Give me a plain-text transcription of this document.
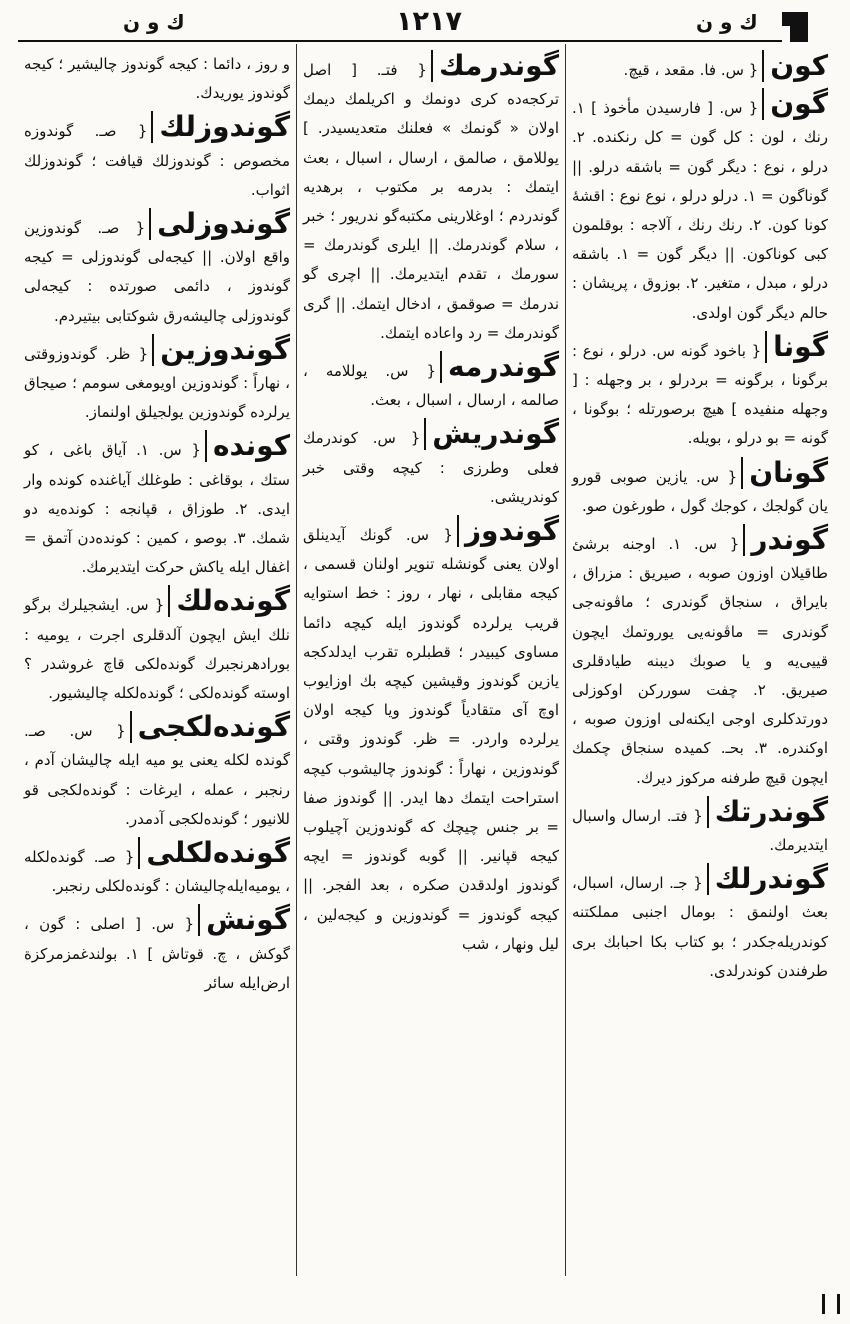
ك و ن	١٢١٧	ك و ن

كون{ س. فا. مقعد ، قيچ.

گون{ س. [ فارسيدن مأخوذ ] ١. رنك ، لون : كل گون = كل رنكنده. ٢. درلو ، نوع : ديگر گون = باشقه درلو. || گوناگون = ١. درلو درلو ، نوع نوع : اقشهٔ كونا كون. ٢. رنك رنك ، آلاجه : بوقلمون كبى كوناكون. || ديگر گون = ١. باشقه درلو ، مبدل ، متغير. ٢. بوزوق ، پريشان : حالم ديگر گون اولدى.

گونا{ باخود گونه س. درلو ، نوع : برگونا ، برگونه = بردرلو ، بر وجهله : [ وجهله منفيده ] هيچ برصورتله ؛ بوگونا ، گونه = بو درلو ، بويله.

گونان{ س. يازين صوبى قورو يان گولجك ، كوجك گول ، طورغون صو.

گوندر{ س. ١. اوجنه برشئ طاقيلان اوزون صوبه ، صيريق : مزراق ، بايراق ، سنجاق گوندرى ؛ ماڤونه‌جى گوندرى = ماڤونه‌يى يوروتمك ايچون قييى‌يه و يا صوبك ديبنه طيادقلرى صيريق. ٢. چفت سورركن اوكوزلى دورتدكلرى اوجى ايكنه‌لى اوزون صوبه ، اوكندره. ٣. بحـ. كميده سنجاق چكمك ايچون قيچ طرفنه مركوز ديرك.

گوندرتك{ فتـ. ارسال واسبال ايتديرمك.

گوندرلك{ جـ. ارسال، اسبال، بعث اولنمق : بومال اجنبى مملكتنه كوندريله‌جكدر ؛ بو كتاب بكا احبابك برى طرفندن كوندرلدى.

گوندرمك{ فتـ. [ اصل تركجه‌ده كرى دونمك و اكريلمك ديمك اولان « گونمك » فعلنك متعديسيدر. ] يوللامق ، صالمق ، ارسال ، اسبال ، بعث ايتمك : بدرمه بر مكتوب ، برهديه گوندردم ؛ اوغلارينى مكتبه‌گو ندريور ؛ خبر ، سلام گوندرمك. || ايلرى گوندرمك = سورمك ، تقدم ايتديرمك. || اچرى گو ندرمك = صوقمق ، ادخال ايتمك. || گرى گوندرمك = رد واعاده ايتمك.

گوندرمه{ س. يوللامه ، صالمه ، ارسال ، اسبال ، بعث.

گوندريش{ س. كوندرمك فعلى وطرزى : كيچه وقتى خبر كوندريشى.

گوندوز{ س. گونك آيدينلق اولان يعنى گونشله تنوير اولنان قسمى ، كيجه مقابلى ، نهار ، روز : خط استوايه قريب يرلرده گوندوز ايله كيچه دائما مساوى كيبيدر ؛ قطبلره تقرب ايدلدكجه يازين گوندوز وقيشين كيچه بك اوزايوب اوچ آى متقادياً گوندوز ويا كيجه اولان يرلرده واردر. = ظر. گوندوز وقتى ، گوندوزين ، نهاراً : گوندوز چاليشوب كيچه استراحت ايتمك دها ايدر. || گوندوز صفا = بر جنس چيچك كه گوندوزين آچيلوب كيجه قپانير. || گوبه گوندوز = ايچه گوندوز اولدقدن صكره ، بعد الفجر. || كيجه گوندوز = گوندوزين و كيجه‌لين ، ليل ونهار ، شب

و روز ، دائما : كيجه گوندوز چاليشير ؛ كيجه گوندوز يوريدك.

گوندوزلك{ صـ. گوندوزه مخصوص : گوندوزلك قيافت ؛ گوندوزلك اثواب.

گوندوزلى{ صـ. گوندوزين واقع اولان. || كيجه‌لى گوندوزلى = كيجه گوندوز ، دائمى صورتده : كيجه‌لى گوندوزلى چاليشه‌رق شوكتابى بيتيردم.

گوندوزين{ ظر. گوندوزوقتى ، نهاراً : گوندوزين اويومغى سومم ؛ صيجاق يرلرده گوندوزين يولجيلق اولنماز.

كونده{ س. ١. آياق باغى ، كو ستك ، بوقاغى : طوغلك آياغنده كونده وار ايدى. ٢. طوزاق ، قپانجه : كونده‌يه دو شمك. ٣. بوصو ، كمين : كونده‌دن آتمق = اغفال ايله ياكش حركت ايتديرمك.

گونده‌لك{ س. ايشجيلرك برگو نلك ايش ايچون آلدقلرى اجرت ، يوميه : بورادهرنجبرك گونده‌لكى قاچ غروشدر ؟ اوسته گونده‌لكى ؛ گونده‌لكله چاليشيور.

گونده‌لكجى{ س. صـ. گونده لكله يعنى يو ميه ايله چاليشان آدم ، رنجبر ، عمله ، ايرغات : گونده‌لكجى قو للانيور ؛ گونده‌لكجى آدمدر.

گونده‌لكلى{ صـ. گونده‌لكله ، يوميه‌ايله‌چاليشان : گونده‌لكلى رنجبر.

گونش{ س. [ اصلى : گون ، گوكش ، چ. قوتاش ] ١. بولندغمزمركزة ارض‌ايله سائر
